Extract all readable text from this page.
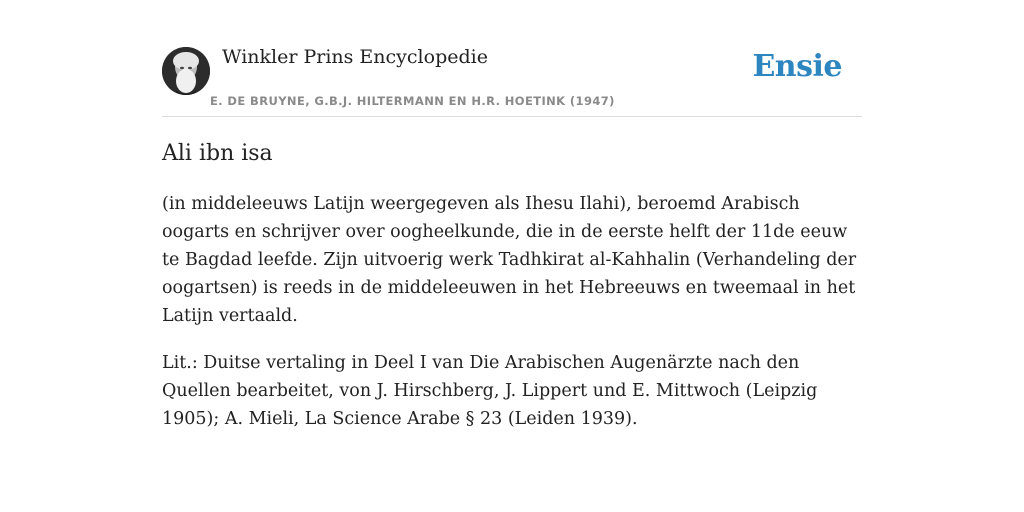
Winkler Prins Encyclopedie
E. DE BRUYNE, G.B.J. HILTERMANN EN H.R. HOETINK (1947)
Ensie
Ali ibn isa

(in middeleeuws Latijn weergegeven als Ihesu Ilahi), beroemd Arabisch oogarts en schrijver over oogheelkunde, die in de eerste helft der 11de eeuw te Bagdad leefde. Zijn uitvoerig werk Tadhkirat al-Kahhalin (Verhandeling der oogartsen) is reeds in de middeleeuwen in het Hebreeuws en tweemaal in het Latijn vertaald.

Lit.: Duitse vertaling in Deel I van Die Arabischen Augenärzte nach den Quellen bearbeitet, von J. Hirschberg, J. Lippert und E. Mittwoch (Leipzig 1905); A. Mieli, La Science Arabe § 23 (Leiden 1939).
